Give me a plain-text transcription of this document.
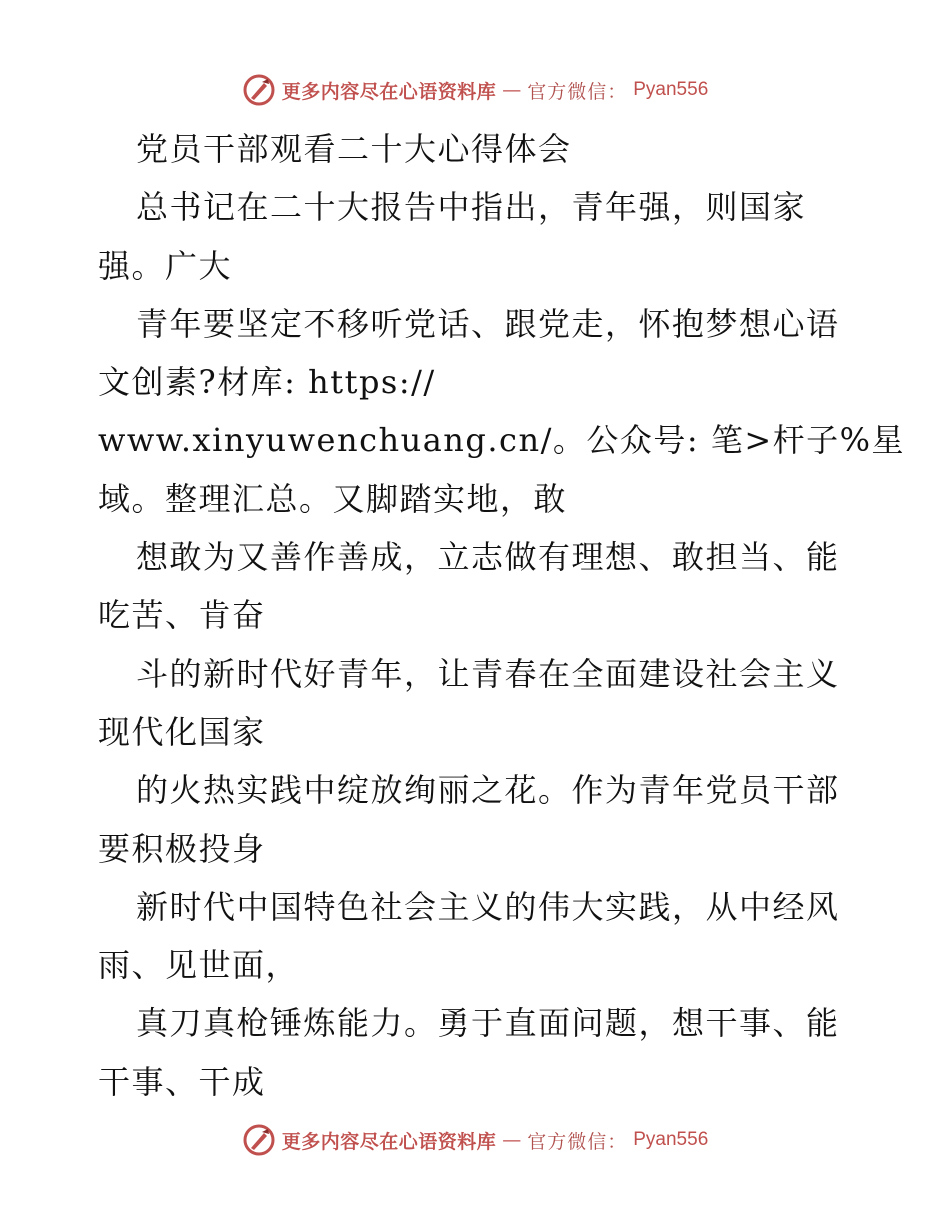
更多内容尽在心语资料库 — 官方微信： Pyan556
党员干部观看二十大心得体会
总书记在二十大报告中指出，青年强，则国家
强。广大
青年要坚定不移听党话、跟党走，怀抱梦想心语
文创素?材库: https://
www.xinyuwenchuang.cn/。公众号: 笔>杆子%星
域。整理汇总。又脚踏实地，敢
想敢为又善作善成，立志做有理想、敢担当、能
吃苦、肯奋
斗的新时代好青年，让青春在全面建设社会主义
现代化国家
的火热实践中绽放绚丽之花。作为青年党员干部
要积极投身
新时代中国特色社会主义的伟大实践，从中经风
雨、见世面，
真刀真枪锤炼能力。勇于直面问题，想干事、能
干事、干成
更多内容尽在心语资料库 — 官方微信： Pyan556
